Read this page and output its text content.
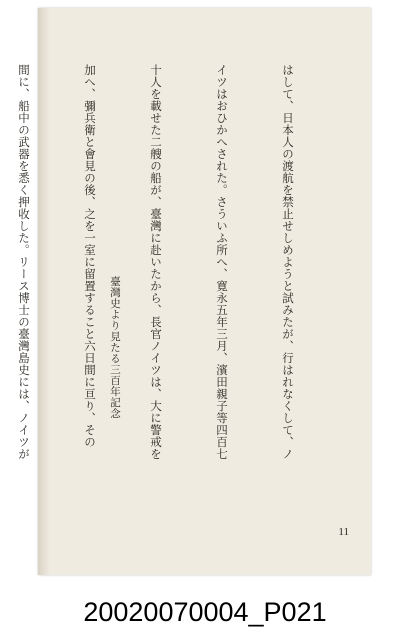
はして、日本人の渡航を禁止せしめようと試みたが、行はれなくして、ノ

イツはおひかへされた。さういふ所へ、寛永五年三月、濱田親子等四百七

十人を載せた二艘の船が、臺灣に赴いたから、長官ノイツは、大に警戒を

加へ、彌兵衛と會見の後、之を一室に留置すること六日間に亘り、その

間に、船中の武器を悉く押收した。リース博士の臺灣島史には、ノイツが

	臺灣史より見たる三百年記念
11
20020070004_P021
